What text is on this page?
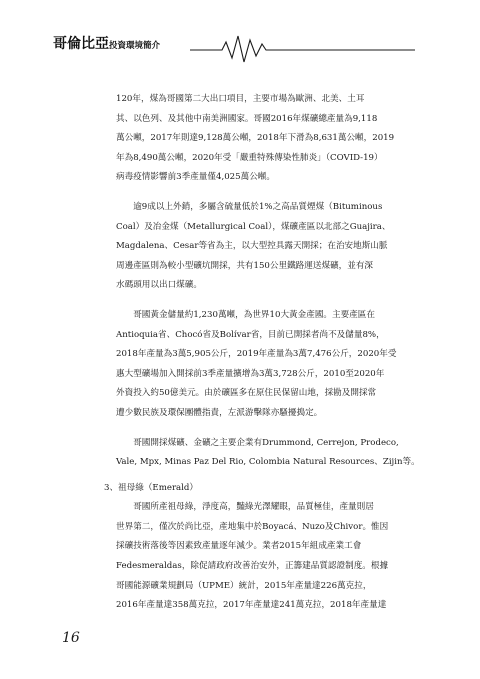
哥倫比亞投資環境簡介

120年，煤為哥國第二大出口項目，主要市場為歐洲、北美、土耳
其、以色列、及其他中南美洲國家。哥國2016年煤礦總產量為9,118
萬公噸，2017年則達9,128萬公噸，2018年下滑為8,631萬公噸，2019
年為8,490萬公噸，2020年受「嚴重特殊傳染性肺炎」（COVID-19）
病毒疫情影響前3季產量僅4,025萬公噸。

逾9成以上外銷，多屬含硫量低於1%之高品質煙煤（Bituminous
Coal）及冶金煤（Metallurgical Coal），煤礦產區以北部之Guajira、
Magdalena、Cesar等省為主，以大型控具露天開採；在治安地斯山脈
周邊產區則為較小型礦坑開採，共有150公里鐵路運送煤礦，並有深
水碼頭用以出口煤礦。

哥國黃金儲量約1,230萬噸，為世界10大黃金產國。主要產區在
Antioquia省、Chocó省及Bolívar省，目前已開採者尚不及儲量8%，
2018年產量為3萬5,905公斤，2019年產量為3萬7,476公斤，2020年受
惠大型礦場加入開採前3季產量擴增為3萬3,728公斤，2010至2020年
外資投入約50億美元。由於礦區多在原住民保留山地，採勘及開採常
遭少數民族及環保團體指責，左派游擊隊亦騷擾搗定。

哥國開採煤礦、金礦之主要企業有Drummond, Cerrejon, Prodeco,
Vale, Mpx, Minas Paz Del Rio, Colombia Natural Resources、Zijin等。

3、祖母綠（Emerald）

哥國所產祖母綠，淨度高，豔綠光澤耀眼，品質極佳，產量則居
世界第二，僅次於尚比亞，產地集中於Boyacá、Nuzo及Chivor。惟因
採礦技術落後等因素致產量逐年減少。業者2015年組成產業工會
Fedesmeraldas，除促請政府改善治安外，正籌建品質認證制度。根據
哥國能源礦業規劃局（UPME）統計，2015年產量達226萬克拉，
2016年產量達358萬克拉，2017年產量達241萬克拉，2018年產量達

16
